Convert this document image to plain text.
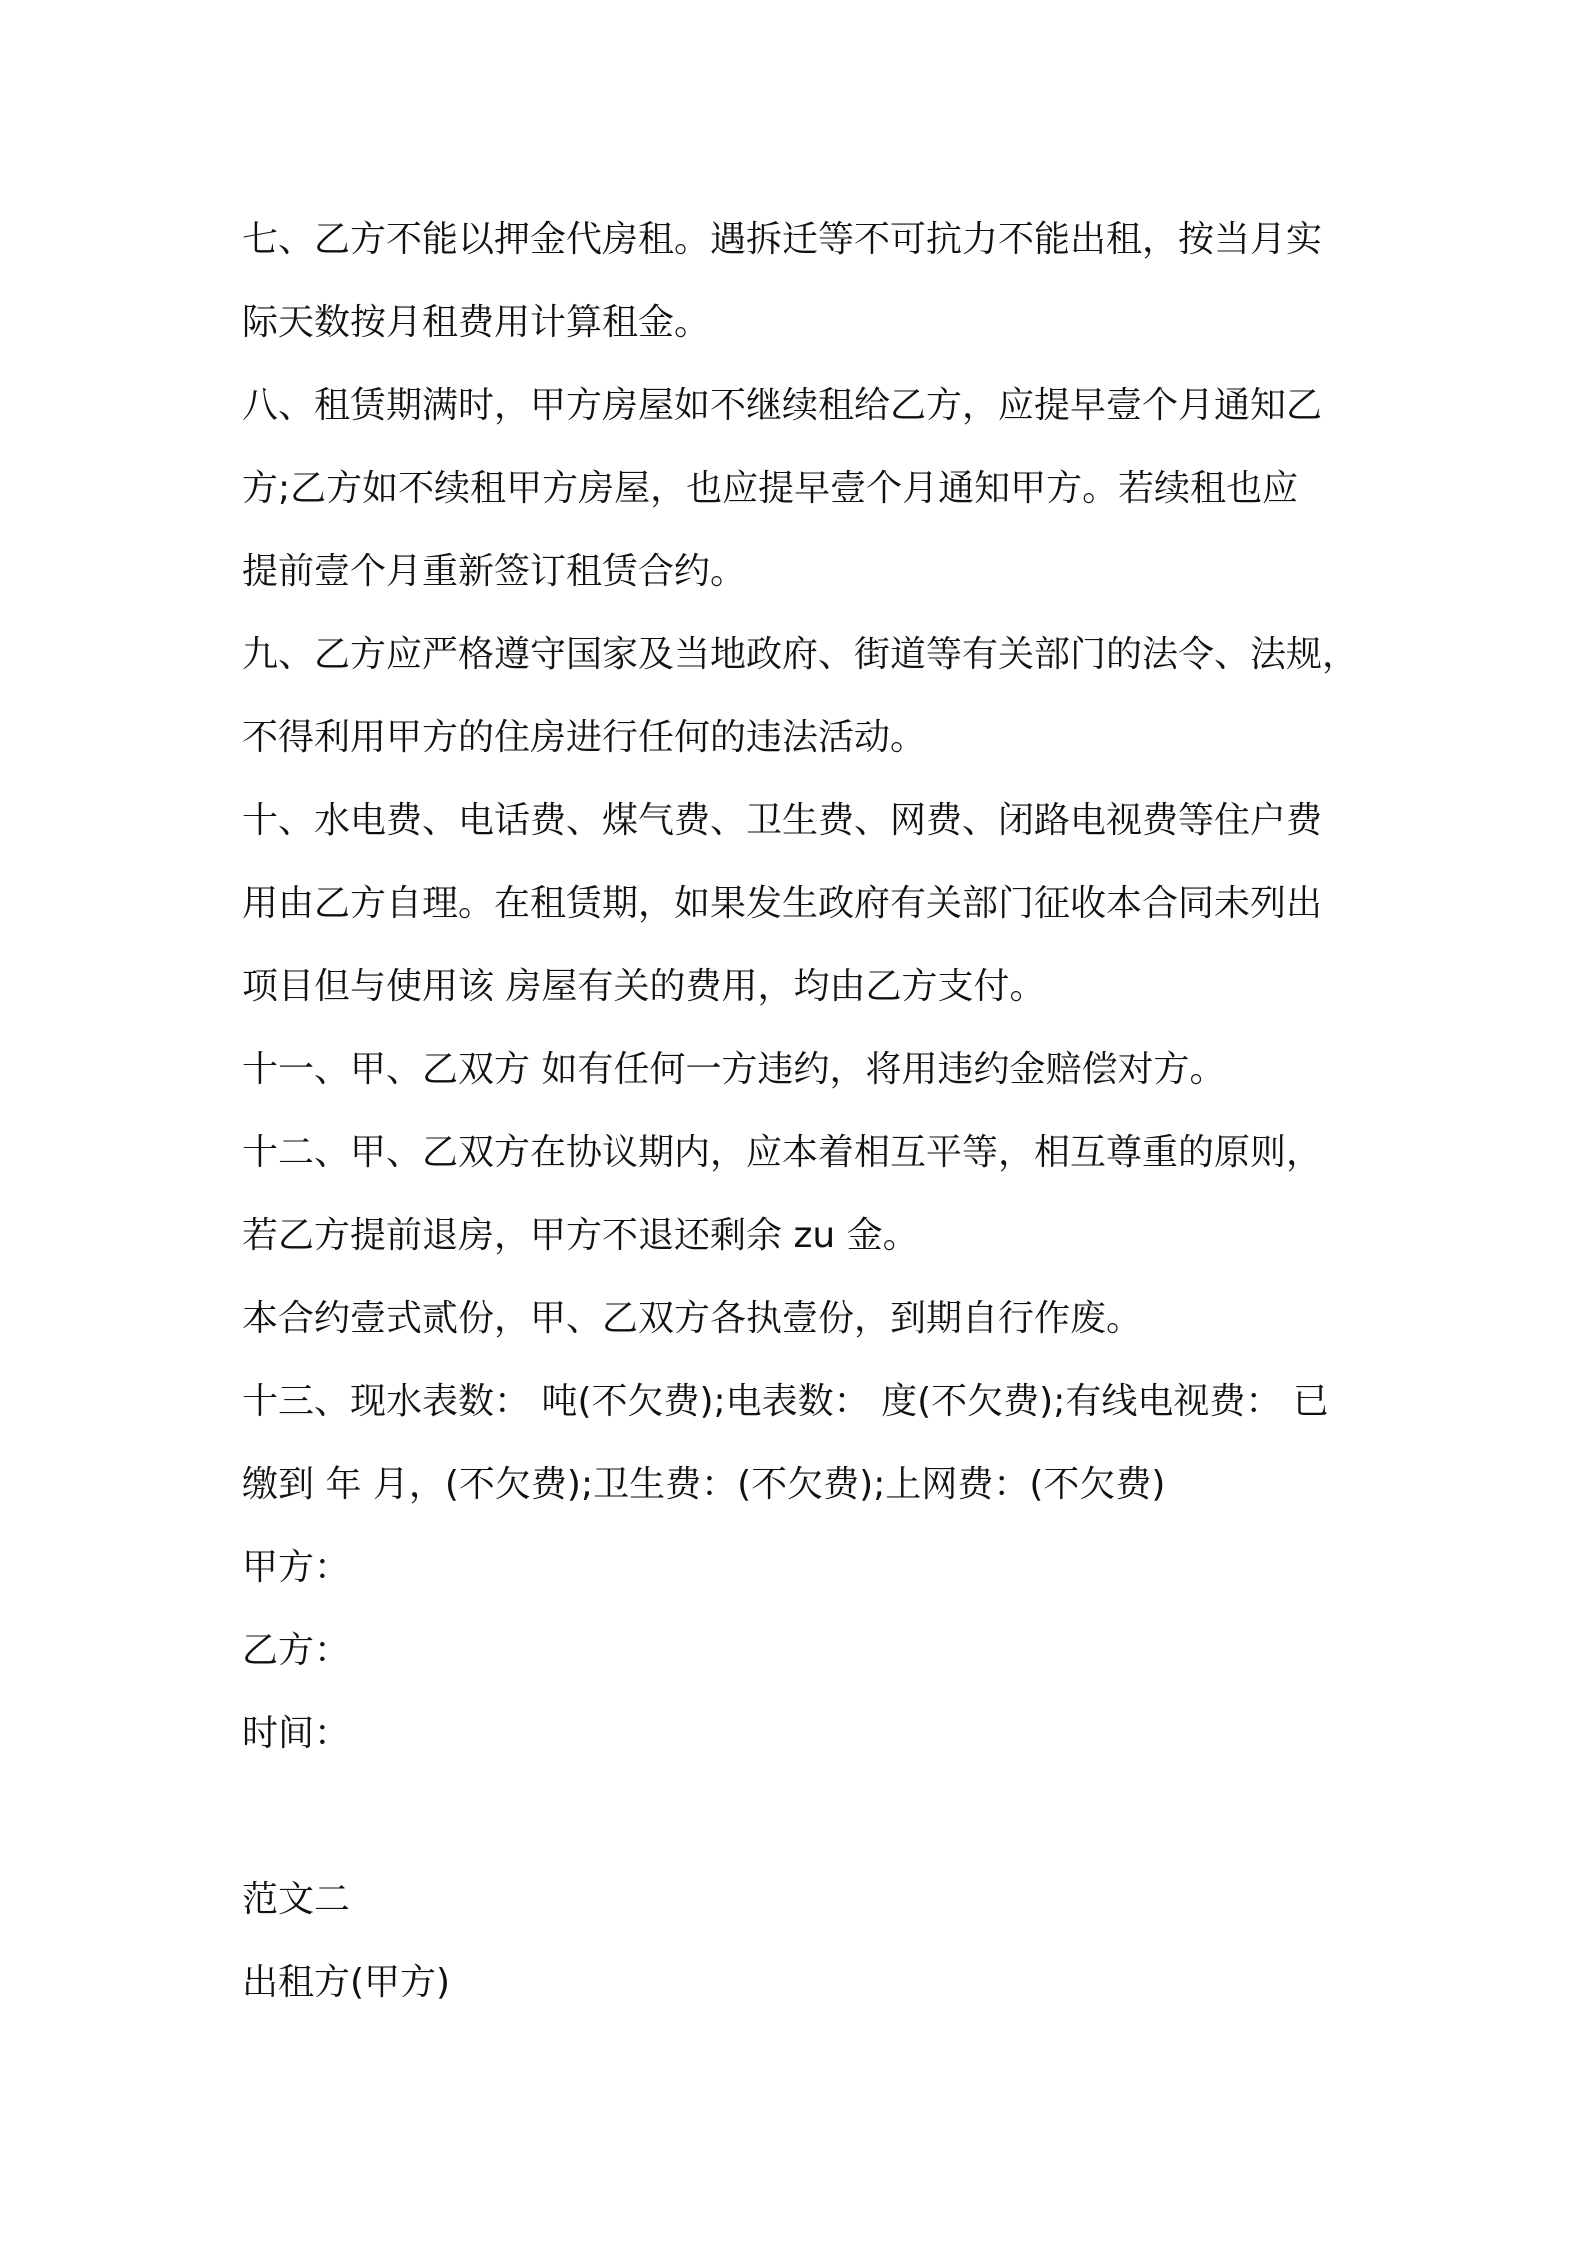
七、乙方不能以押金代房租。遇拆迁等不可抗力不能出租，按当月实

际天数按月租费用计算租金。

八、租赁期满时，甲方房屋如不继续租给乙方，应提早壹个月通知乙

方;乙方如不续租甲方房屋，也应提早壹个月通知甲方。若续租也应

提前壹个月重新签订租赁合约。

九、乙方应严格遵守国家及当地政府、街道等有关部门的法令、法规，

不得利用甲方的住房进行任何的违法活动。

十、水电费、电话费、煤气费、卫生费、网费、闭路电视费等住户费

用由乙方自理。在租赁期，如果发生政府有关部门征收本合同未列出

项目但与使用该 房屋有关的费用，均由乙方支付。

十一、甲、乙双方 如有任何一方违约，将用违约金赔偿对方。

十二、甲、乙双方在协议期内，应本着相互平等，相互尊重的原则，

若乙方提前退房，甲方不退还剩余 zu 金。

本合约壹式贰份，甲、乙双方各执壹份，到期自行作废。

十三、现水表数： 吨(不欠费);电表数： 度(不欠费);有线电视费： 已

缴到 年 月，(不欠费);卫生费：(不欠费);上网费：(不欠费)

甲方：

乙方：

时间：

范文二

出租方(甲方)
